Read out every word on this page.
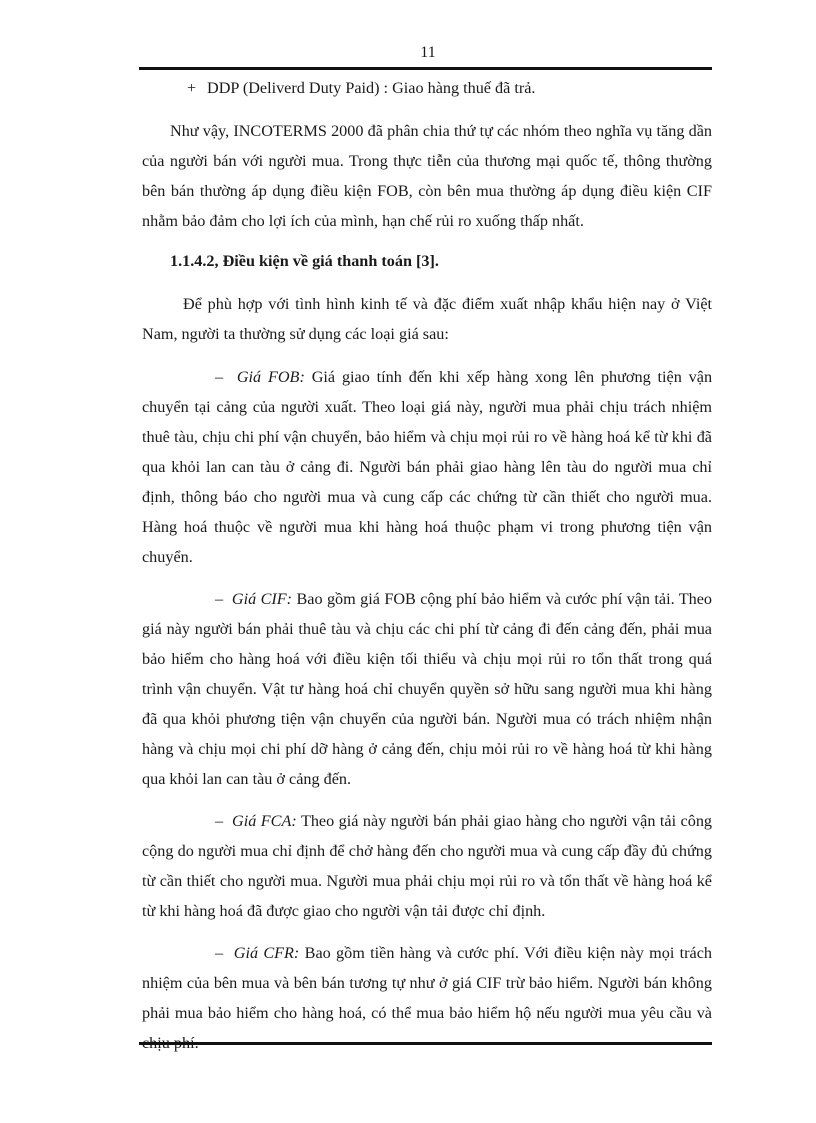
11

+ DDP (Deliverd Duty Paid) : Giao hàng thuế đã trả.

Như vậy, INCOTERMS 2000 đã phân chia thứ tự các nhóm theo nghĩa vụ tăng dần của người bán với người mua. Trong thực tiễn của thương mại quốc tế, thông thường bên bán thường áp dụng điều kiện FOB, còn bên mua thường áp dụng điều kiện CIF nhằm bảo đảm cho lợi ích của mình, hạn chế rủi ro xuống thấp nhất.

1.1.4.2, Điều kiện về giá thanh toán [3].

Để phù hợp với tình hình kinh tế và đặc điểm xuất nhập khẩu hiện nay ở Việt Nam, người ta thường sử dụng các loại giá sau:

– Giá FOB: Giá giao tính đến khi xếp hàng xong lên phương tiện vận chuyển tại cảng của người xuất. Theo loại giá này, người mua phải chịu trách nhiệm thuê tàu, chịu chi phí vận chuyển, bảo hiểm và chịu mọi rủi ro về hàng hoá kể từ khi đã qua khỏi lan can tàu ở cảng đi. Người bán phải giao hàng lên tàu do người mua chỉ định, thông báo cho người mua và cung cấp các chứng từ cần thiết cho người mua. Hàng hoá thuộc về người mua khi hàng hoá thuộc phạm vi trong phương tiện vận chuyển.

– Giá CIF: Bao gồm giá FOB cộng phí bảo hiểm và cước phí vận tải. Theo giá này người bán phải thuê tàu và chịu các chi phí từ cảng đi đến cảng đến, phải mua bảo hiểm cho hàng hoá với điều kiện tối thiểu và chịu mọi rủi ro tổn thất trong quá trình vận chuyển. Vật tư hàng hoá chỉ chuyển quyền sở hữu sang người mua khi hàng đã qua khỏi phương tiện vận chuyển của người bán. Người mua có trách nhiệm nhận hàng và chịu mọi chi phí dỡ hàng ở cảng đến, chịu mỏi rủi ro về hàng hoá từ khi hàng qua khỏi lan can tàu ở cảng đến.

– Giá FCA: Theo giá này người bán phải giao hàng cho người vận tải công cộng do người mua chỉ định để chở hàng đến cho người mua và cung cấp đầy đủ chứng từ cần thiết cho người mua. Người mua phải chịu mọi rủi ro và tổn thất về hàng hoá kể từ khi hàng hoá đã được giao cho người vận tải được chỉ định.

– Giá CFR: Bao gồm tiền hàng và cước phí. Với điều kiện này mọi trách nhiệm của bên mua và bên bán tương tự như ở giá CIF trừ bảo hiểm. Người bán không phải mua bảo hiểm cho hàng hoá, có thể mua bảo hiểm hộ nếu người mua yêu cầu và chịu phí.
